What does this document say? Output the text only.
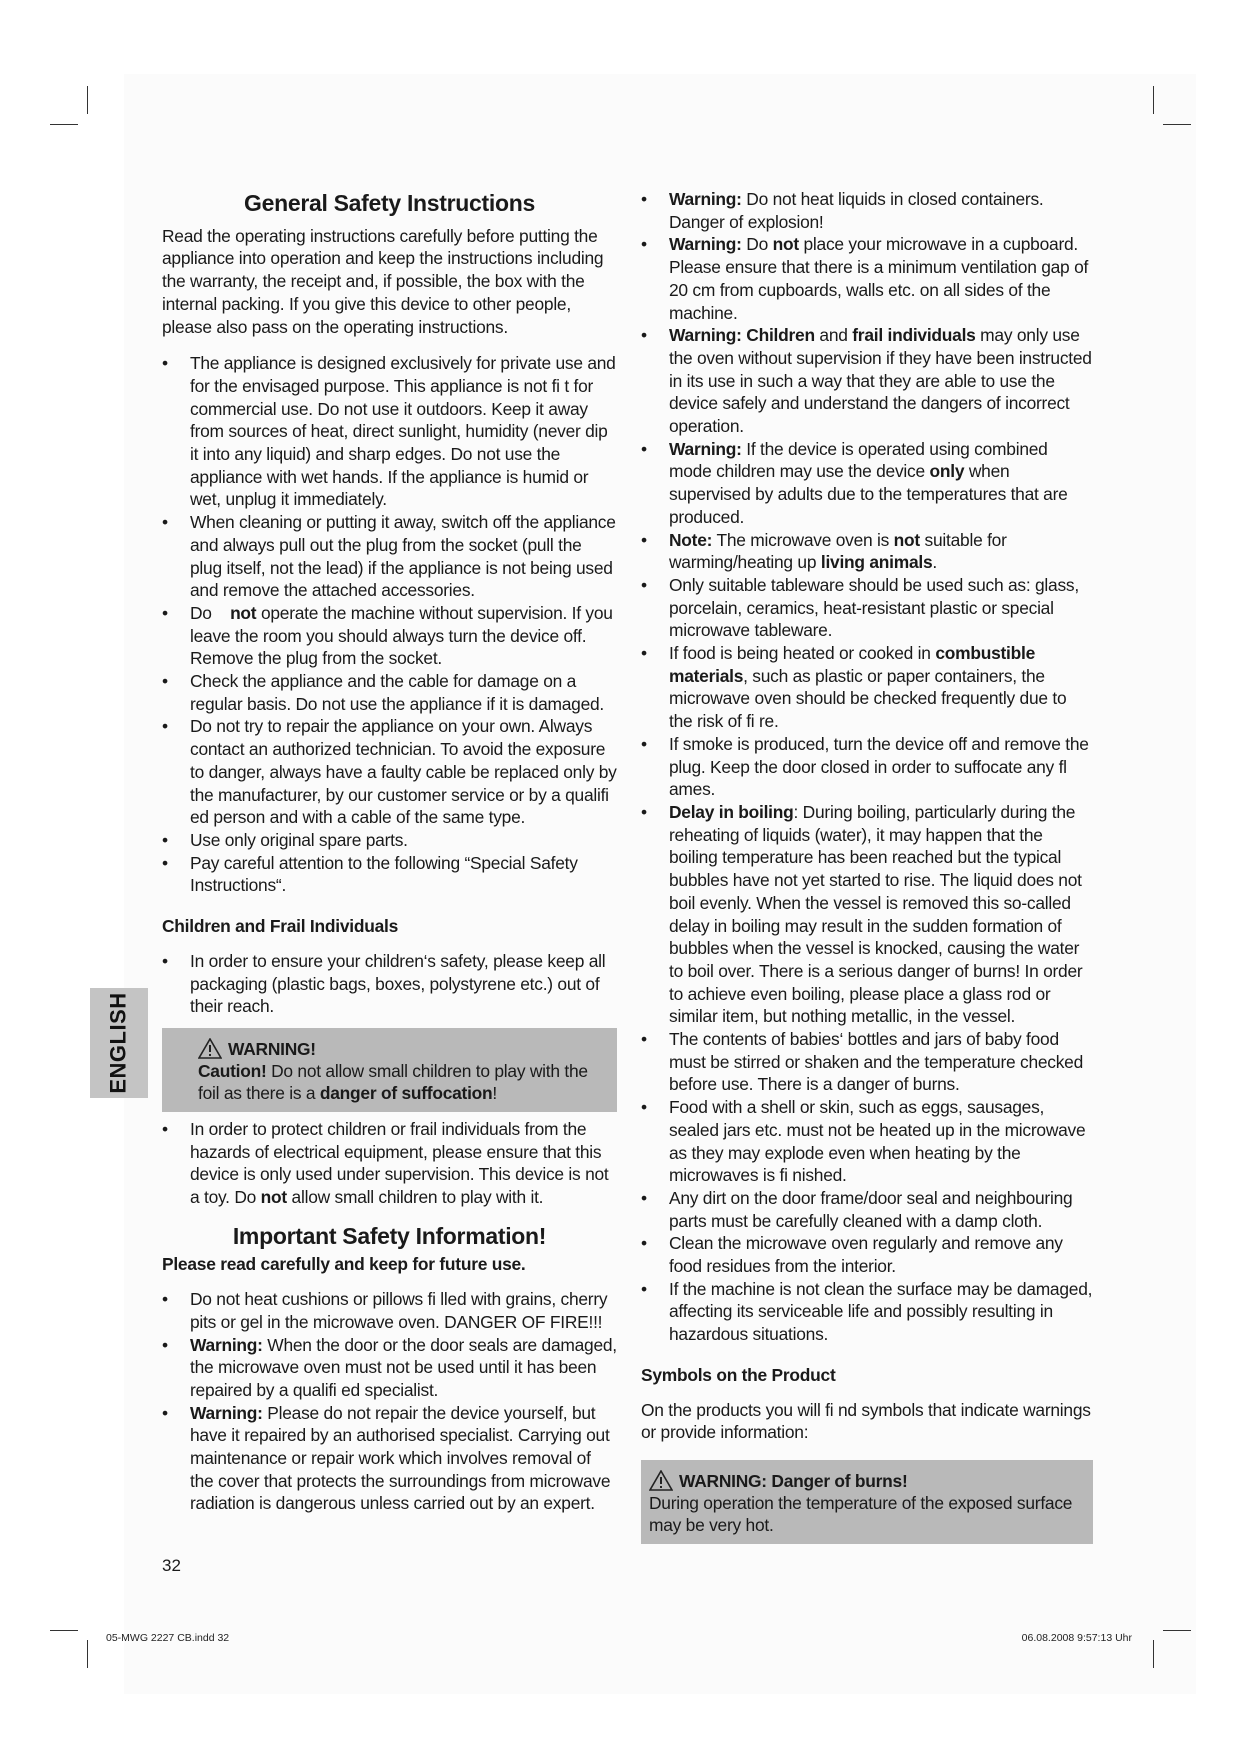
ENGLISH
General Safety Instructions

Read the operating instructions carefully before putting the appliance into operation and keep the instructions including the warranty, the receipt and, if possible, the box with the internal packing. If you give this device to other people, please also pass on the operating instructions.

• The appliance is designed exclusively for private use and for the envisaged purpose. This appliance is not fi t for commercial use. Do not use it outdoors. Keep it away from sources of heat, direct sunlight, humidity (never dip it into any liquid) and sharp edges. Do not use the appliance with wet hands. If the appliance is humid or wet, unplug it immediately.
• When cleaning or putting it away, switch off the appliance and always pull out the plug from the socket (pull the plug itself, not the lead) if the appliance is not being used and remove the attached accessories.
• Do not operate the machine without supervision. If you leave the room you should always turn the device off. Remove the plug from the socket.
• Check the appliance and the cable for damage on a regular basis. Do not use the appliance if it is damaged.
• Do not try to repair the appliance on your own. Always contact an authorized technician. To avoid the exposure to danger, always have a faulty cable be replaced only by the manufacturer, by our customer service or by a qualifi ed person and with a cable of the same type.
• Use only original spare parts.
• Pay careful attention to the following “Special Safety Instructions“.

Children and Frail Individuals

• In order to ensure your children‘s safety, please keep all packaging (plastic bags, boxes, polystyrene etc.) out of their reach.
WARNING!

Caution! Do not allow small children to play with the foil as there is a danger of suffocation!

• In order to protect children or frail individuals from the hazards of electrical equipment, please ensure that this device is only used under supervision. This device is not a toy. Do not allow small children to play with it.
Important Safety Information!

Please read carefully and keep for future use.

• Do not heat cushions or pillows fi lled with grains, cherry pits or gel in the microwave oven. DANGER OF FIRE!!!
• Warning: When the door or the door seals are damaged, the microwave oven must not be used until it has been repaired by a qualifi ed specialist.
• Warning: Please do not repair the device yourself, but have it repaired by an authorised specialist. Carrying out maintenance or repair work which involves removal of the cover that protects the surroundings from microwave radiation is dangerous unless carried out by an expert.
• Warning: Do not heat liquids in closed containers. Danger of explosion!
• Warning: Do not place your microwave in a cupboard. Please ensure that there is a minimum ventilation gap of 20 cm from cupboards, walls etc. on all sides of the machine.
• Warning: Children and frail individuals may only use the oven without supervision if they have been instructed in its use in such a way that they are able to use the device safely and understand the dangers of incorrect operation.
• Warning: If the device is operated using combined mode children may use the device only when supervised by adults due to the temperatures that are produced.
• Note: The microwave oven is not suitable for warming/heating up living animals.
• Only suitable tableware should be used such as: glass, porcelain, ceramics, heat-resistant plastic or special microwave tableware.
• If food is being heated or cooked in combustible materials, such as plastic or paper containers, the microwave oven should be checked frequently due to the risk of fi re.
• If smoke is produced, turn the device off and remove the plug. Keep the door closed in order to suffocate any fl ames.
• Delay in boiling: During boiling, particularly during the reheating of liquids (water), it may happen that the boiling temperature has been reached but the typical bubbles have not yet started to rise. The liquid does not boil evenly. When the vessel is removed this so-called delay in boiling may result in the sudden formation of bubbles when the vessel is knocked, causing the water to boil over. There is a serious danger of burns! In order to achieve even boiling, please place a glass rod or similar item, but nothing metallic, in the vessel.
• The contents of babies‘ bottles and jars of baby food must be stirred or shaken and the temperature checked before use. There is a danger of burns.
• Food with a shell or skin, such as eggs, sausages, sealed jars etc. must not be heated up in the microwave as they may explode even when heating by the microwaves is fi nished.
• Any dirt on the door frame/door seal and neighbouring parts must be carefully cleaned with a damp cloth.
• Clean the microwave oven regularly and remove any food residues from the interior.
• If the machine is not clean the surface may be damaged, affecting its serviceable life and possibly resulting in hazardous situations.

Symbols on the Product

On the products you will fi nd symbols that indicate warnings or provide information:

WARNING: Danger of burns!

During operation the temperature of the exposed surface may be very hot.

32
05-MWG 2227 CB.indd 32	06.08.2008 9:57:13 Uhr
